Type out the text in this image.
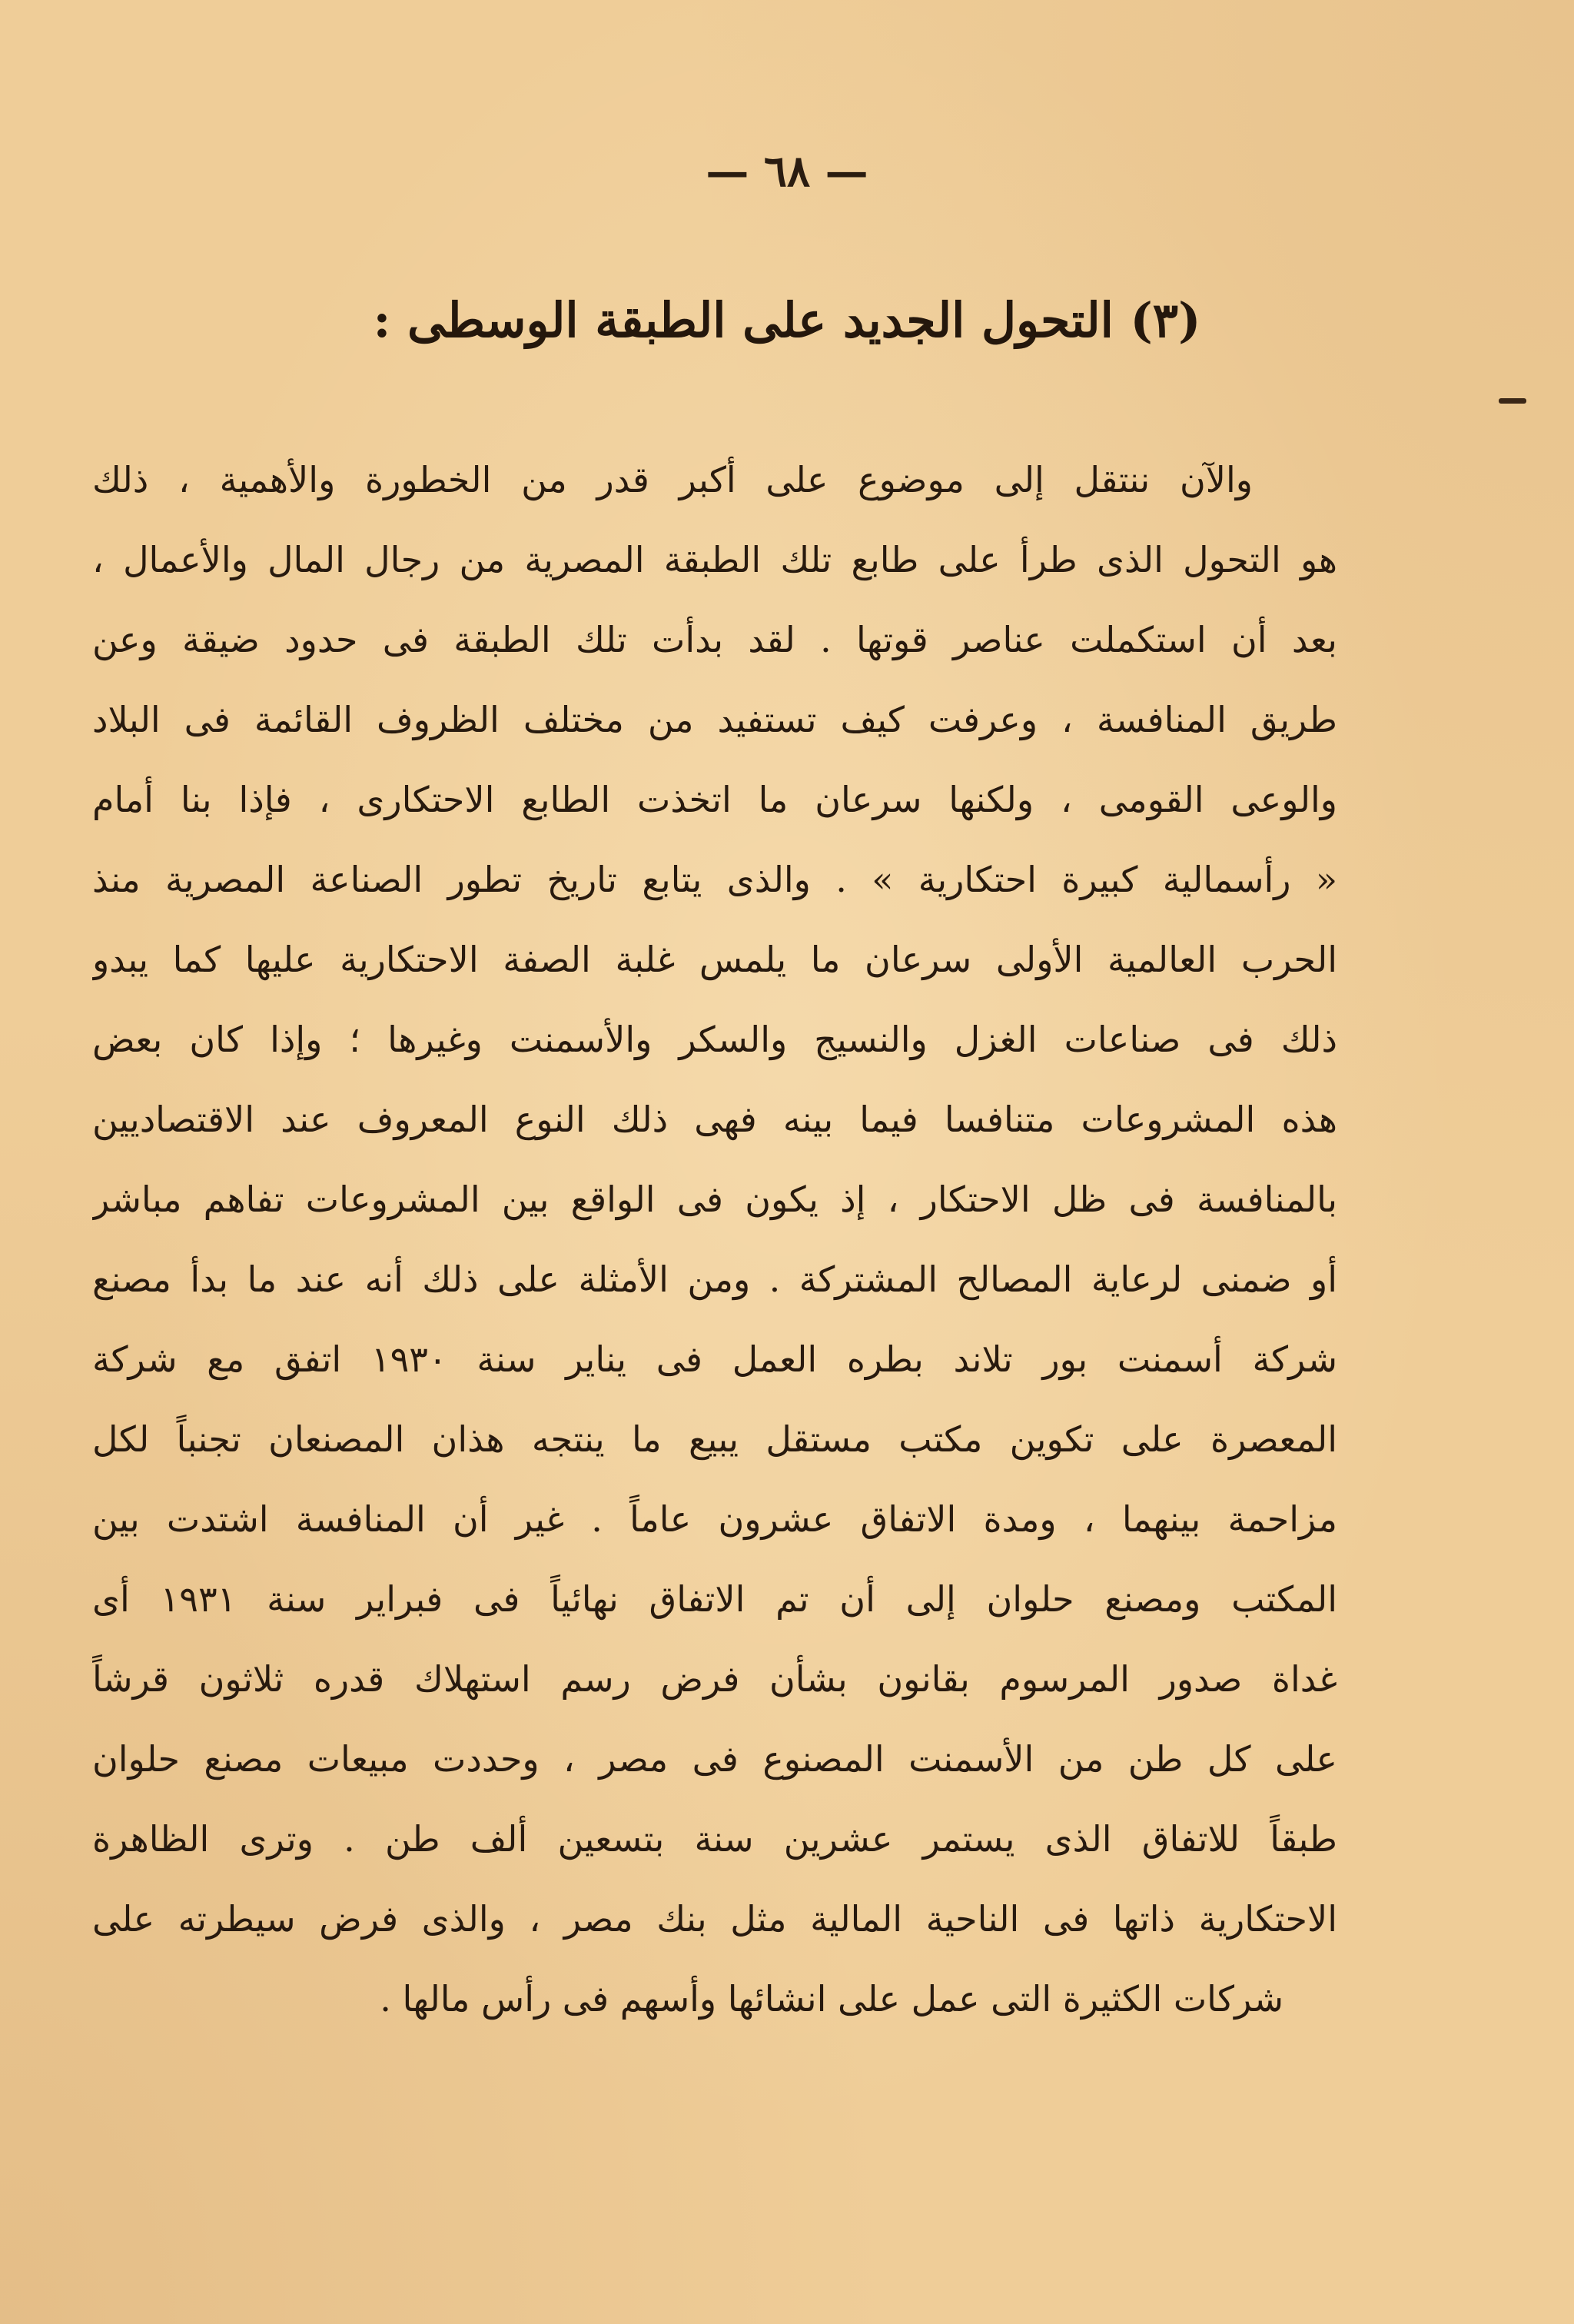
— ٦٨ —
(٣) التحول الجديد على الطبقة الوسطى :
والآن ننتقل إلى موضوع على أكبر قدر من الخطورة والأهمية ، ذلك
هو التحول الذى طرأ على طابع تلك الطبقة المصرية من رجال المال والأعمال ،
بعد أن استكملت عناصر قوتها . لقد بدأت تلك الطبقة فى حدود ضيقة وعن
طريق المنافسة ، وعرفت كيف تستفيد من مختلف الظروف القائمة فى البلاد
والوعى القومى ، ولكنها سرعان ما اتخذت الطابع الاحتكارى ، فإذا بنا أمام
« رأسمالية كبيرة احتكارية » . والذى يتابع تاريخ تطور الصناعة المصرية منذ
الحرب العالمية الأولى سرعان ما يلمس غلبة الصفة الاحتكارية عليها كما يبدو
ذلك فى صناعات الغزل والنسيج والسكر والأسمنت وغيرها ؛ وإذا كان بعض
هذه المشروعات متنافسا فيما بينه فهى ذلك النوع المعروف عند الاقتصاديين
بالمنافسة فى ظل الاحتكار ، إذ يكون فى الواقع بين المشروعات تفاهم مباشر
أو ضمنى لرعاية المصالح المشتركة . ومن الأمثلة على ذلك أنه عند ما بدأ مصنع
شركة أسمنت بور تلاند بطره العمل فى يناير سنة ١٩٣٠ اتفق مع شركة
المعصرة على تكوين مكتب مستقل يبيع ما ينتجه هذان المصنعان تجنباً لكل
مزاحمة بينهما ، ومدة الاتفاق عشرون عاماً . غير أن المنافسة اشتدت بين
المكتب ومصنع حلوان إلى أن تم الاتفاق نهائياً فى فبراير سنة ١٩٣١ أى
غداة صدور المرسوم بقانون بشأن فرض رسم استهلاك قدره ثلاثون قرشاً
على كل طن من الأسمنت المصنوع فى مصر ، وحددت مبيعات مصنع حلوان
طبقاً للاتفاق الذى يستمر عشرين سنة بتسعين ألف طن . وترى الظاهرة
الاحتكارية ذاتها فى الناحية المالية مثل بنك مصر ، والذى فرض سيطرته على
شركات الكثيرة التى عمل على انشائها وأسهم فى رأس مالها .
